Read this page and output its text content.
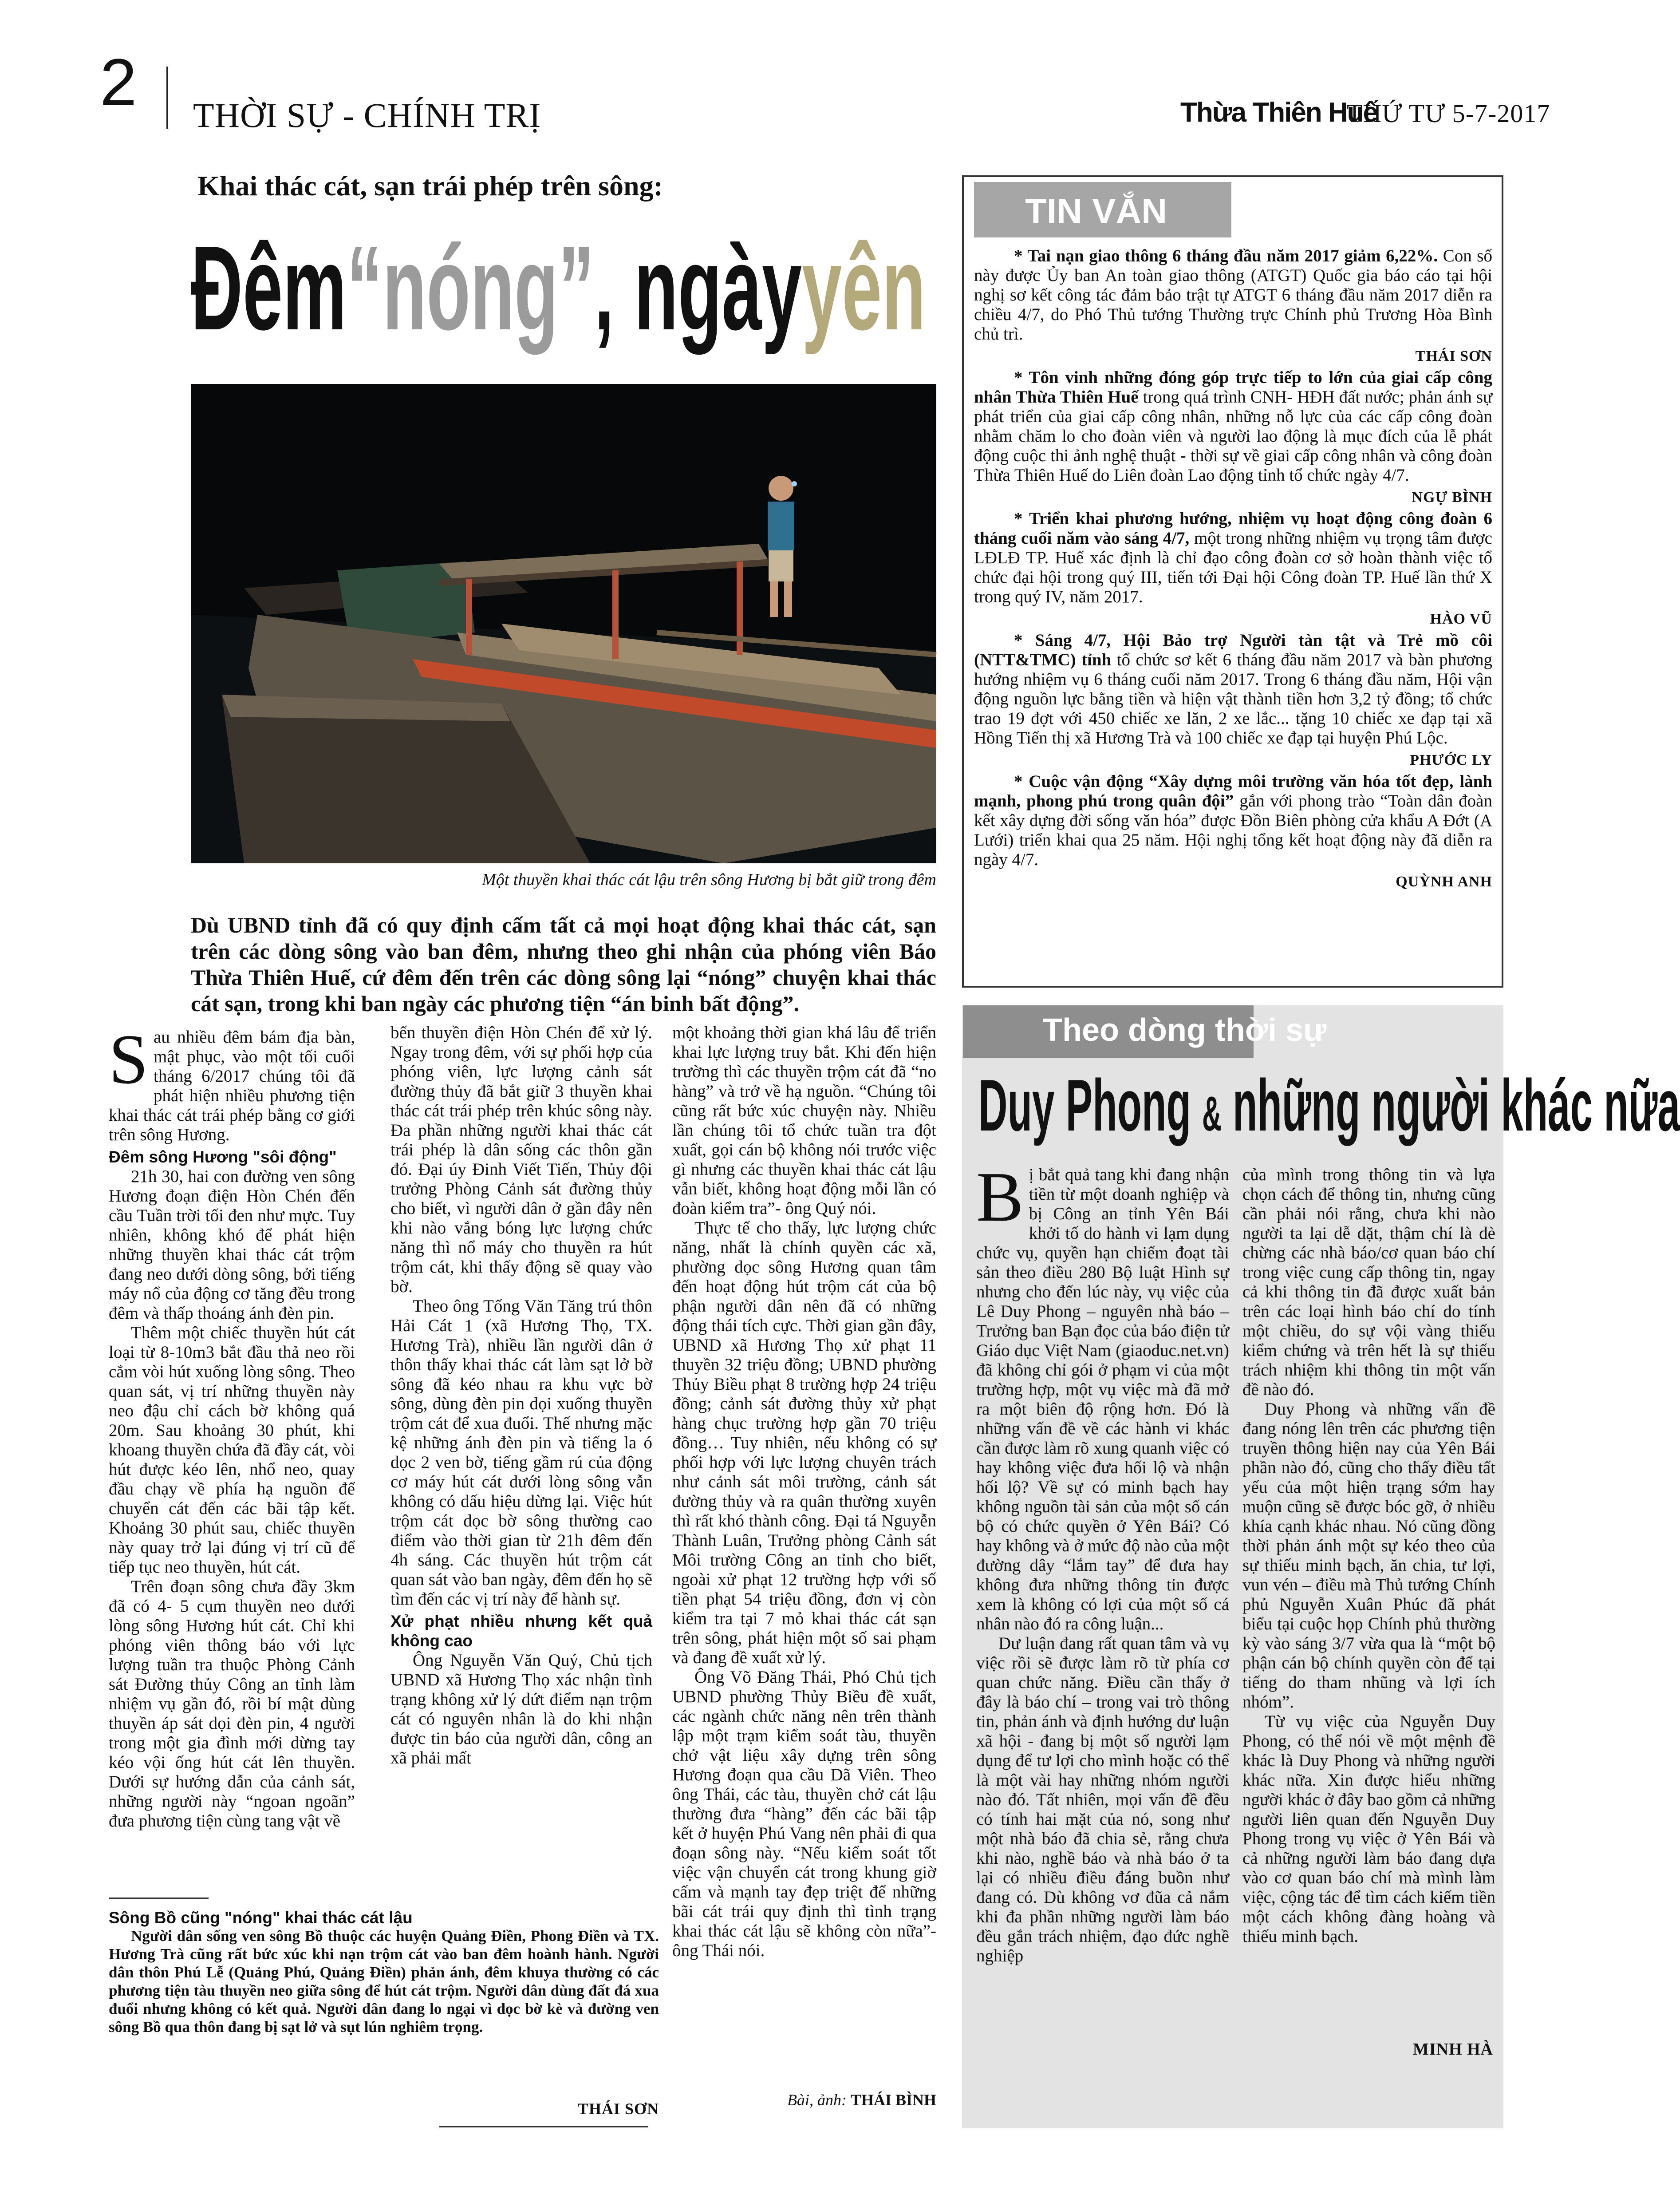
2 THỜI SỰ - CHÍNH TRỊ	Thừa Thiên Huế
THỨ TƯ 5-7-2017
Khai thác cát, sạn trái phép trên sông:
Đêm“nóng”, ngàyyên
Một thuyền khai thác cát lậu trên sông Hương bị bắt giữ trong đêm
Dù UBND tỉnh đã có quy định cấm tất cả mọi hoạt động khai thác cát, sạn trên các dòng sông vào ban đêm, nhưng theo ghi nhận của phóng viên Báo Thừa Thiên Huế, cứ đêm đến trên các dòng sông lại “nóng” chuyện khai thác cát sạn, trong khi ban ngày các phương tiện “án binh bất động”.

Sau nhiều đêm bám địa bàn, mật phục, vào một tối cuối tháng 6/2017 chúng tôi đã phát hiện nhiều phương tiện khai thác cát trái phép bằng cơ giới trên sông Hương.

Đêm sông Hương "sôi động"

21h 30, hai con đường ven sông Hương đoạn điện Hòn Chén đến cầu Tuần trời tối đen như mực. Tuy nhiên, không khó để phát hiện những thuyền khai thác cát trộm đang neo dưới dòng sông, bởi tiếng máy nổ của động cơ tăng đều trong đêm và thấp thoáng ánh đèn pin.

Thêm một chiếc thuyền hút cát loại từ 8-10m3 bắt đầu thả neo rồi cắm vòi hút xuống lòng sông. Theo quan sát, vị trí những thuyền này neo đậu chỉ cách bờ không quá 20m. Sau khoảng 30 phút, khi khoang thuyền chứa đã đầy cát, vòi hút được kéo lên, nhổ neo, quay đầu chạy về phía hạ nguồn để chuyển cát đến các bãi tập kết. Khoảng 30 phút sau, chiếc thuyền này quay trở lại đúng vị trí cũ để tiếp tục neo thuyền, hút cát.

Trên đoạn sông chưa đầy 3km đã có 4- 5 cụm thuyền neo dưới lòng sông Hương hút cát. Chỉ khi phóng viên thông báo với lực lượng tuần tra thuộc Phòng Cảnh sát Đường thủy Công an tỉnh làm nhiệm vụ gần đó, rồi bí mật dùng thuyền áp sát dọi đèn pin, 4 người trong một gia đình mới dừng tay kéo vội ống hút cát lên thuyền. Dưới sự hướng dẫn của cảnh sát, những người này “ngoan ngoãn” đưa phương tiện cùng tang vật về

bến thuyền điện Hòn Chén để xử lý. Ngay trong đêm, với sự phối hợp của phóng viên, lực lượng cảnh sát đường thủy đã bắt giữ 3 thuyền khai thác cát trái phép trên khúc sông này. Đa phần những người khai thác cát trái phép là dân sống các thôn gần đó. Đại úy Đinh Viết Tiến, Thủy đội trưởng Phòng Cảnh sát đường thủy cho biết, vì người dân ở gần đây nên khi nào vắng bóng lực lượng chức năng thì nổ máy cho thuyền ra hút trộm cát, khi thấy động sẽ quay vào bờ.

Theo ông Tống Văn Tăng trú thôn Hải Cát 1 (xã Hương Thọ, TX. Hương Trà), nhiều lần người dân ở thôn thấy khai thác cát làm sạt lở bờ sông đã kéo nhau ra khu vực bờ sông, dùng đèn pin dọi xuống thuyền trộm cát để xua đuổi. Thế nhưng mặc kệ những ánh đèn pin và tiếng la ó dọc 2 ven bờ, tiếng gầm rú của động cơ máy hút cát dưới lòng sông vẫn không có dấu hiệu dừng lại. Việc hút trộm cát dọc bờ sông thường cao điểm vào thời gian từ 21h đêm đến 4h sáng. Các thuyền hút trộm cát quan sát vào ban ngày, đêm đến họ sẽ tìm đến các vị trí này để hành sự.

Xử phạt nhiều nhưng kết quả không cao

Ông Nguyễn Văn Quý, Chủ tịch UBND xã Hương Thọ xác nhận tình trạng không xử lý dứt điểm nạn trộm cát có nguyên nhân là do khi nhận được tin báo của người dân, công an xã phải mất

một khoảng thời gian khá lâu để triển khai lực lượng truy bắt. Khi đến hiện trường thì các thuyền trộm cát đã “no hàng” và trở về hạ nguồn. “Chúng tôi cũng rất bức xúc chuyện này. Nhiều lần chúng tôi tổ chức tuần tra đột xuất, gọi cán bộ không nói trước việc gì nhưng các thuyền khai thác cát lậu vẫn biết, không hoạt động mỗi lần có đoàn kiểm tra”- ông Quý nói.

Thực tế cho thấy, lực lượng chức năng, nhất là chính quyền các xã, phường dọc sông Hương quan tâm đến hoạt động hút trộm cát của bộ phận người dân nên đã có những động thái tích cực. Thời gian gần đây, UBND xã Hương Thọ xử phạt 11 thuyền 32 triệu đồng; UBND phường Thủy Biều phạt 8 trường hợp 24 triệu đồng; cảnh sát đường thủy xử phạt hàng chục trường hợp gần 70 triệu đồng… Tuy nhiên, nếu không có sự phối hợp với lực lượng chuyên trách như cảnh sát môi trường, cảnh sát đường thủy và ra quân thường xuyên thì rất khó thành công. Đại tá Nguyễn Thành Luân, Trưởng phòng Cảnh sát Môi trường Công an tỉnh cho biết, ngoài xử phạt 12 trường hợp với số tiền phạt 54 triệu đồng, đơn vị còn kiểm tra tại 7 mỏ khai thác cát sạn trên sông, phát hiện một số sai phạm và đang đề xuất xử lý.

Ông Võ Đăng Thái, Phó Chủ tịch UBND phường Thủy Biều đề xuất, các ngành chức năng nên trên thành lập một trạm kiểm soát tàu, thuyền chở vật liệu xây dựng trên sông Hương đoạn qua cầu Dã Viên. Theo ông Thái, các tàu, thuyền chở cát lậu thường đưa “hàng” đến các bãi tập kết ở huyện Phú Vang nên phải đi qua đoạn sông này. “Nếu kiểm soát tốt việc vận chuyển cát trong khung giờ cấm và mạnh tay đẹp triệt để những bãi cát trái quy định thì tình trạng khai thác cát lậu sẽ không còn nữa”- ông Thái nói.

Bài, ảnh: THÁI BÌNH
Sông Bồ cũng "nóng" khai thác cát lậu

Người dân sống ven sông Bồ thuộc các huyện Quảng Điền, Phong Điền và TX. Hương Trà cũng rất bức xúc khi nạn trộm cát vào ban đêm hoành hành. Người dân thôn Phú Lễ (Quảng Phú, Quảng Điền) phản ánh, đêm khuya thường có các phương tiện tàu thuyền neo giữa sông để hút cát trộm. Người dân dùng đất đá xua đuổi nhưng không có kết quả. Người dân đang lo ngại vì dọc bờ kè và đường ven sông Bồ qua thôn đang bị sạt lở và sụt lún nghiêm trọng.

THÁI SƠN
TIN VẮN

* Tai nạn giao thông 6 tháng đầu năm 2017 giảm 6,22%. Con số này được Ủy ban An toàn giao thông (ATGT) Quốc gia báo cáo tại hội nghị sơ kết công tác đảm bảo trật tự ATGT 6 tháng đầu năm 2017 diễn ra chiều 4/7, do Phó Thủ tướng Thường trực Chính phủ Trương Hòa Bình chủ trì.

THÁI SƠN

* Tôn vinh những đóng góp trực tiếp to lớn của giai cấp công nhân Thừa Thiên Huế trong quá trình CNH- HĐH đất nước; phản ánh sự phát triển của giai cấp công nhân, những nỗ lực của các cấp công đoàn nhằm chăm lo cho đoàn viên và người lao động là mục đích của lễ phát động cuộc thi ảnh nghệ thuật - thời sự về giai cấp công nhân và công đoàn Thừa Thiên Huế do Liên đoàn Lao động tỉnh tổ chức ngày 4/7.

NGỰ BÌNH

* Triển khai phương hướng, nhiệm vụ hoạt động công đoàn 6 tháng cuối năm vào sáng 4/7, một trong những nhiệm vụ trọng tâm được LĐLĐ TP. Huế xác định là chỉ đạo công đoàn cơ sở hoàn thành việc tổ chức đại hội trong quý III, tiến tới Đại hội Công đoàn TP. Huế lần thứ X trong quý IV, năm 2017.

HÀO VŨ

* Sáng 4/7, Hội Bảo trợ Người tàn tật và Trẻ mồ côi (NTT&TMC) tỉnh tổ chức sơ kết 6 tháng đầu năm 2017 và bàn phương hướng nhiệm vụ 6 tháng cuối năm 2017. Trong 6 tháng đầu năm, Hội vận động nguồn lực bằng tiền và hiện vật thành tiền hơn 3,2 tỷ đồng; tổ chức trao 19 đợt với 450 chiếc xe lăn, 2 xe lắc... tặng 10 chiếc xe đạp tại xã Hồng Tiến thị xã Hương Trà và 100 chiếc xe đạp tại huyện Phú Lộc.

PHƯỚC LY

* Cuộc vận động “Xây dựng môi trường văn hóa tốt đẹp, lành mạnh, phong phú trong quân đội” gắn với phong trào “Toàn dân đoàn kết xây dựng đời sống văn hóa” được Đồn Biên phòng cửa khẩu A Đớt (A Lưới) triển khai qua 25 năm. Hội nghị tổng kết hoạt động này đã diễn ra ngày 4/7.

QUỲNH ANH

Theo dòng thời sự
Duy Phong & những người khác nữa

Bị bắt quả tang khi đang nhận tiền từ một doanh nghiệp và bị Công an tỉnh Yên Bái khởi tố do hành vi lạm dụng chức vụ, quyền hạn chiếm đoạt tài sản theo điều 280 Bộ luật Hình sự nhưng cho đến lúc này, vụ việc của Lê Duy Phong – nguyên nhà báo – Trưởng ban Bạn đọc của báo điện tử Giáo dục Việt Nam (giaoduc.net.vn) đã không chỉ gói ở phạm vi của một trường hợp, một vụ việc mà đã mở ra một biên độ rộng hơn. Đó là những vấn đề về các hành vi khác cần được làm rõ xung quanh việc có hay không việc đưa hối lộ và nhận hối lộ? Về sự có minh bạch hay không nguồn tài sản của một số cán bộ có chức quyền ở Yên Bái? Có hay không và ở mức độ nào của một đường dây “lắm tay” để đưa hay không đưa những thông tin được xem là không có lợi của một số cá nhân nào đó ra công luận...

Dư luận đang rất quan tâm và vụ việc rồi sẽ được làm rõ từ phía cơ quan chức năng. Điều cần thấy ở đây là báo chí – trong vai trò thông tin, phản ánh và định hướng dư luận xã hội - đang bị một số người lạm dụng để tư lợi cho mình hoặc có thể là một vài hay những nhóm người nào đó. Tất nhiên, mọi vấn đề đều có tính hai mặt của nó, song như một nhà báo đã chia sẻ, rằng chưa khi nào, nghề báo và nhà báo ở ta lại có nhiều điều đáng buồn như đang có. Dù không vơ đũa cả nắm khi đa phần những người làm báo đều gắn trách nhiệm, đạo đức nghề nghiệp

của mình trong thông tin và lựa chọn cách để thông tin, nhưng cũng cần phải nói rằng, chưa khi nào người ta lại dễ dặt, thậm chí là dè chừng các nhà báo/cơ quan báo chí trong việc cung cấp thông tin, ngay cả khi thông tin đã được xuất bản trên các loại hình báo chí do tính một chiều, do sự vội vàng thiếu kiểm chứng và trên hết là sự thiếu trách nhiệm khi thông tin một vấn đề nào đó.

Duy Phong và những vấn đề đang nóng lên trên các phương tiện truyền thông hiện nay của Yên Bái phần nào đó, cũng cho thấy điều tất yếu của một hiện trạng sớm hay muộn cũng sẽ được bóc gỡ, ở nhiều khía cạnh khác nhau. Nó cũng đồng thời phản ánh một sự kéo theo của sự thiếu minh bạch, ăn chia, tư lợi, vun vén – điều mà Thủ tướng Chính phủ Nguyễn Xuân Phúc đã phát biểu tại cuộc họp Chính phủ thường kỳ vào sáng 3/7 vừa qua là “một bộ phận cán bộ chính quyền còn để tại tiếng do tham nhũng và lợi ích nhóm”.

Từ vụ việc của Nguyễn Duy Phong, có thể nói về một mệnh đề khác là Duy Phong và những người khác nữa. Xin được hiểu những người khác ở đây bao gồm cả những người liên quan đến Nguyễn Duy Phong trong vụ việc ở Yên Bái và cả những người làm báo đang dựa vào cơ quan báo chí mà mình làm việc, cộng tác để tìm cách kiếm tiền một cách không đàng hoàng và thiếu minh bạch.

MINH HÀ
